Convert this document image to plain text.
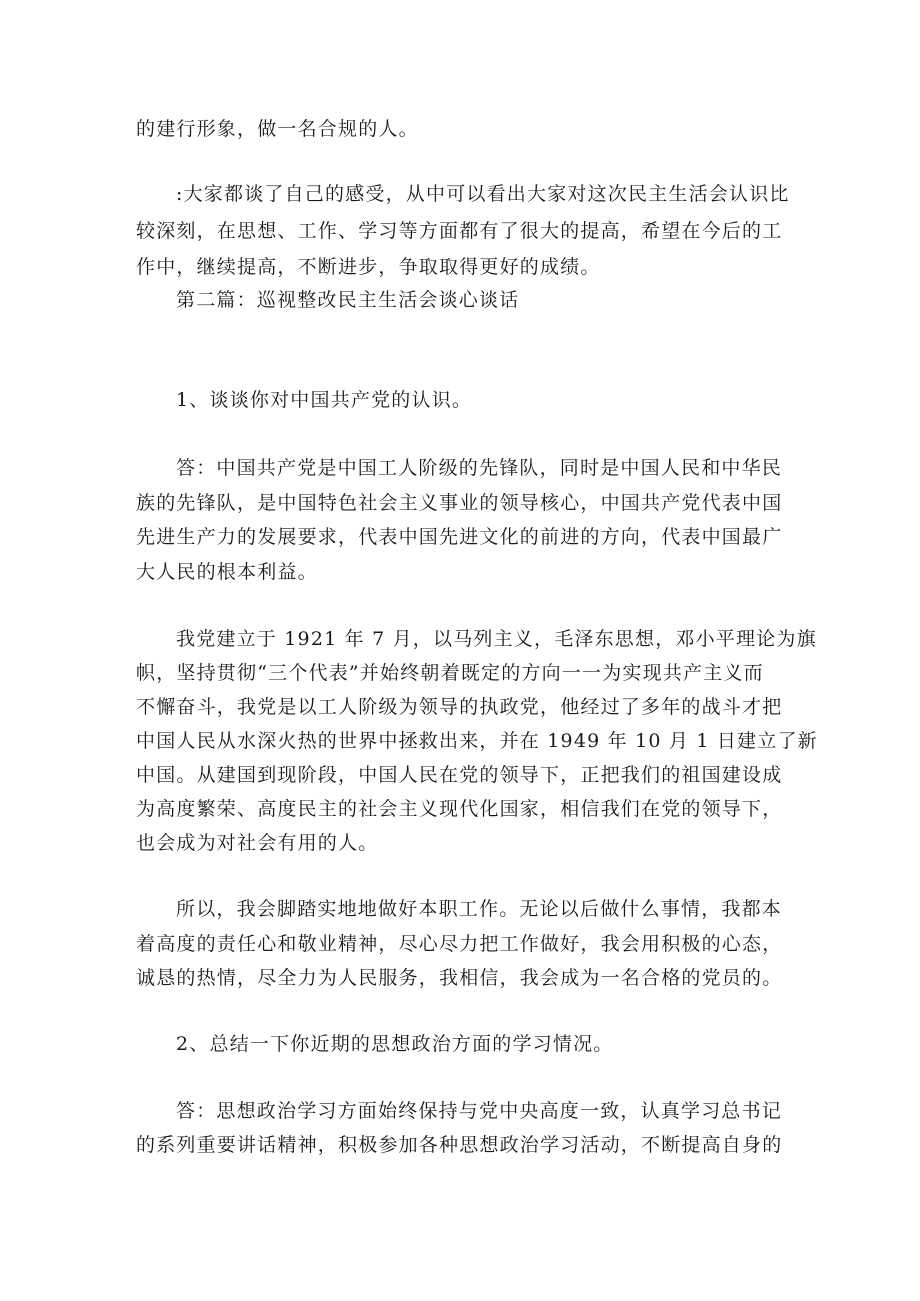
的建行形象，做一名合规的人。
:大家都谈了自己的感受，从中可以看出大家对这次民主生活会认识比
较深刻，在思想、工作、学习等方面都有了很大的提高，希望在今后的工
作中，继续提高，不断进步，争取取得更好的成绩。
第二篇：巡视整改民主生活会谈心谈话
1、谈谈你对中国共产党的认识。
答：中国共产党是中国工人阶级的先锋队，同时是中国人民和中华民
族的先锋队，是中国特色社会主义事业的领导核心，中国共产党代表中国
先进生产力的发展要求，代表中国先进文化的前进的方向，代表中国最广
大人民的根本利益。
我党建立于 1921 年 7 月，以马列主义，毛泽东思想，邓小平理论为旗
帜，坚持贯彻“三个代表”并始终朝着既定的方向一一为实现共产主义而
不懈奋斗，我党是以工人阶级为领导的执政党，他经过了多年的战斗才把
中国人民从水深火热的世界中拯救出来，并在 1949 年 10 月 1 日建立了新
中国。从建国到现阶段，中国人民在党的领导下，正把我们的祖国建设成
为高度繁荣、高度民主的社会主义现代化国家，相信我们在党的领导下，
也会成为对社会有用的人。
所以，我会脚踏实地地做好本职工作。无论以后做什么事情，我都本
着高度的责任心和敬业精神，尽心尽力把工作做好，我会用积极的心态，
诚恳的热情，尽全力为人民服务，我相信，我会成为一名合格的党员的。
2、总结一下你近期的思想政治方面的学习情况。
答：思想政治学习方面始终保持与党中央高度一致，认真学习总书记
的系列重要讲话精神，积极参加各种思想政治学习活动，不断提高自身的
